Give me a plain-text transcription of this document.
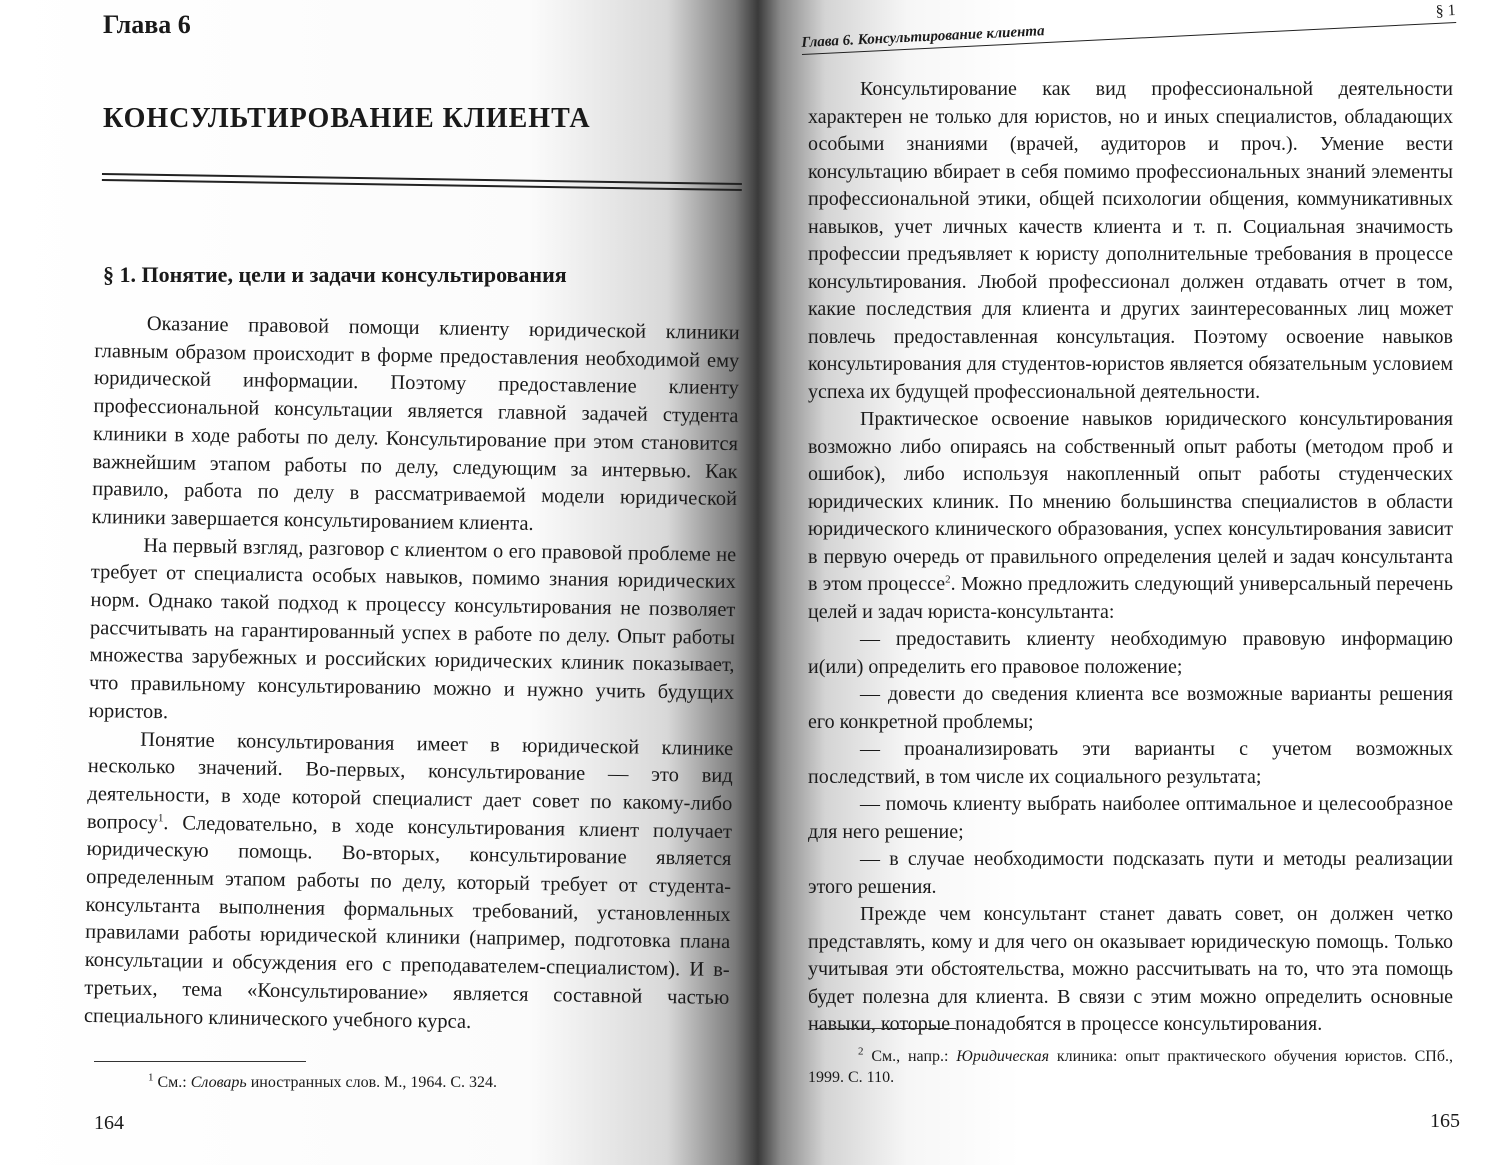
Глава 6
КОНСУЛЬТИРОВАНИЕ КЛИЕНТА
§ 1. Понятие, цели и задачи консультирования

Оказание правовой помощи клиенту юридической клиники главным образом происходит в форме предоставления необходимой ему юридической информации. Поэтому предоставление клиенту профессиональной консультации является главной задачей студента клиники в ходе работы по делу. Консультирование при этом становится важнейшим этапом работы по делу, следующим за интервью. Как правило, работа по делу в рассматриваемой модели юридической клиники завершается консультированием клиента.

На первый взгляд, разговор с клиентом о его правовой проблеме не требует от специалиста особых навыков, помимо знания юридических норм. Однако такой подход к процессу консультирования не позволяет рассчитывать на гарантированный успех в работе по делу. Опыт работы множества зарубежных и российских юридических клиник показывает, что правильному консультированию можно и нужно учить будущих юристов.

Понятие консультирования имеет в юридической клинике несколько значений. Во-первых, консультирование — это вид деятельности, в ходе которой специалист дает совет по какому-либо вопросу$^1$. Следовательно, в ходе консультирования клиент получает юридическую помощь. Во-вторых, консультирование является определенным этапом работы по делу, который требует от студента-консультанта выполнения формальных требований, установленных правилами работы юридической клиники (например, подготовка плана консультации и обсуждения его с преподавателем-специалистом). И в-третьих, тема «Консультирование» является составной частью специального клинического учебного курса.

$^1$ См.: Словарь иностранных слов. М., 1964. С. 324.
164
Глава 6. Консультирование клиента
§ 1

Консультирование как вид профессиональной деятельности характерен не только для юристов, но и иных специалистов, обладающих особыми знаниями (врачей, аудиторов и проч.). Умение вести консультацию вбирает в себя помимо профессиональных знаний элементы профессиональной этики, общей психологии общения, коммуникативных навыков, учет личных качеств клиента и т. п. Социальная значимость профессии предъявляет к юристу дополнительные требования в процессе консультирования. Любой профессионал должен отдавать отчет в том, какие последствия для клиента и других заинтересованных лиц может повлечь предоставленная консультация. Поэтому освоение навыков консультирования для студентов-юристов является обязательным условием успеха их будущей профессиональной деятельности.

Практическое освоение навыков юридического консультирования возможно либо опираясь на собственный опыт работы (методом проб и ошибок), либо используя накопленный опыт работы студенческих юридических клиник. По мнению большинства специалистов в области юридического клинического образования, успех консультирования зависит в первую очередь от правильного определения целей и задач консультанта в этом процессе$^2$. Можно предложить следующий универсальный перечень целей и задач юриста-консультанта:

— предоставить клиенту необходимую правовую информацию и(или) определить его правовое положение;

— довести до сведения клиента все возможные варианты решения его конкретной проблемы;

— проанализировать эти варианты с учетом возможных последствий, в том числе их социального результата;

— помочь клиенту выбрать наиболее оптимальное и целесообразное для него решение;

— в случае необходимости подсказать пути и методы реализации этого решения.

Прежде чем консультант станет давать совет, он должен четко представлять, кому и для чего он оказывает юридическую помощь. Только учитывая эти обстоятельства, можно рассчитывать на то, что эта помощь будет полезна для клиента. В связи с этим можно определить основные навыки, которые понадобятся в процессе консультирования.

$^2$ См., напр.: Юридическая клиника: опыт практического обучения юристов. СПб., 1999. С. 110.
165
